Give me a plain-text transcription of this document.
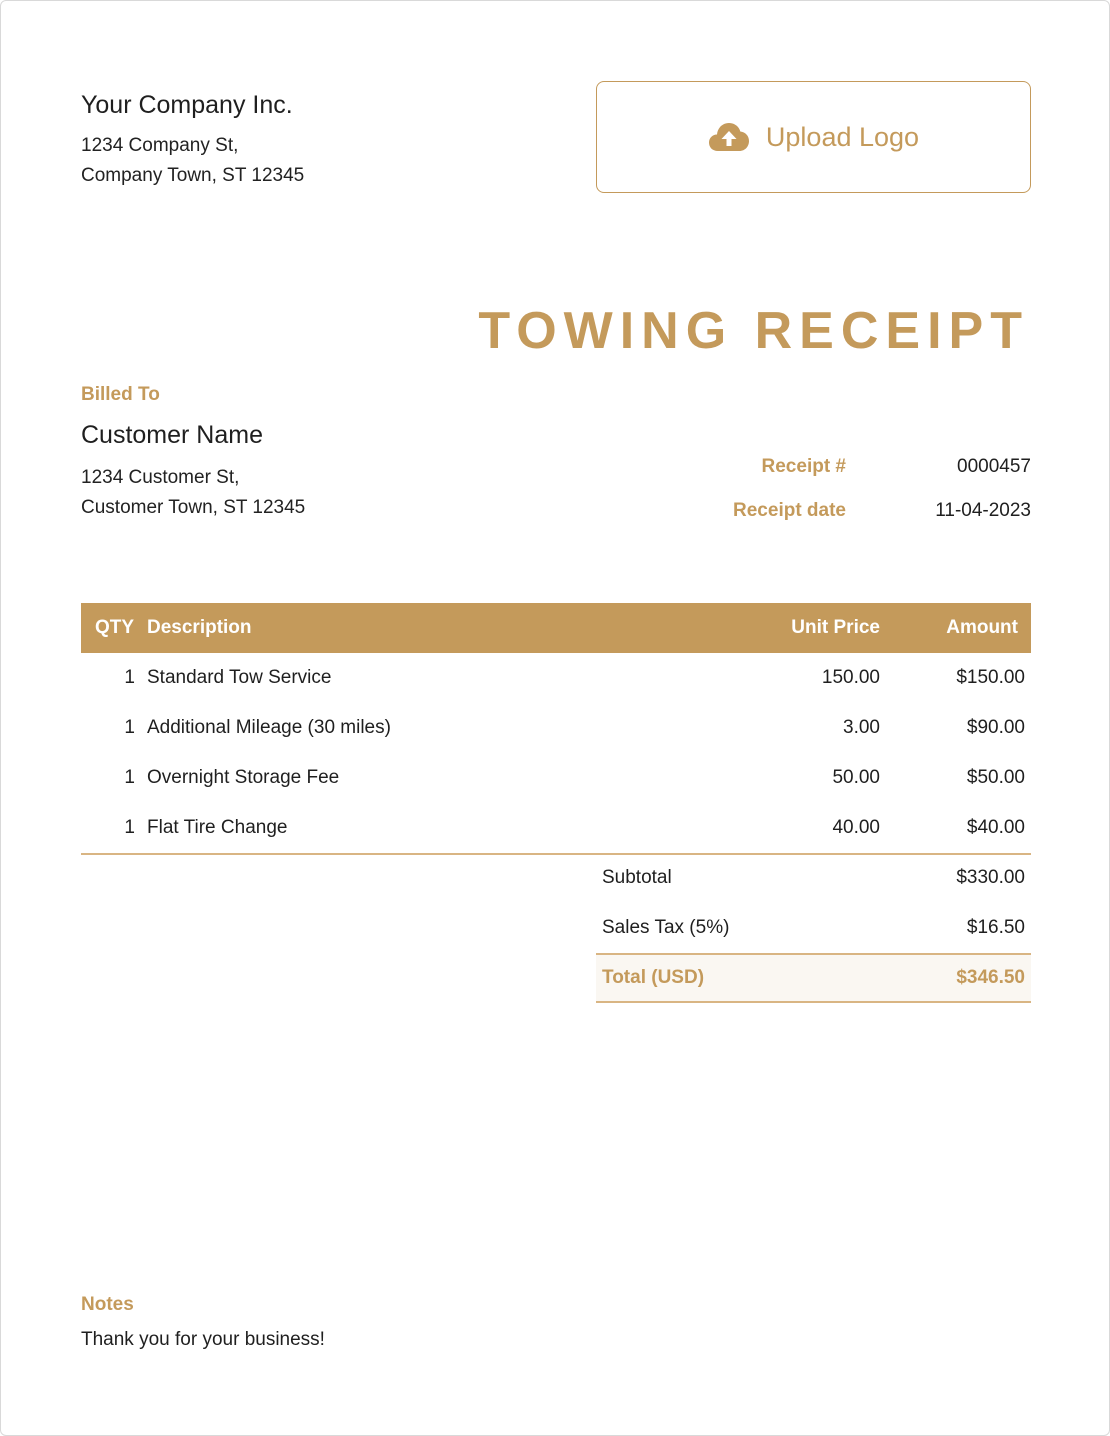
Your Company Inc.
1234 Company St,
Company Town, ST 12345
Upload Logo
TOWING RECEIPT
Billed To
Customer Name
1234 Customer St,
Customer Town, ST 12345
Receipt #	0000457
Receipt date	11-04-2023
QTY Description	Unit Price	Amount
1 Standard Tow Service	150.00	$150.00
1 Additional Mileage (30 miles)	3.00	$90.00
1 Overnight Storage Fee	50.00	$50.00
1 Flat Tire Change	40.00	$40.00
Subtotal	$330.00
Sales Tax (5%)	$16.50
Total (USD)	$346.50
Notes
Thank you for your business!
